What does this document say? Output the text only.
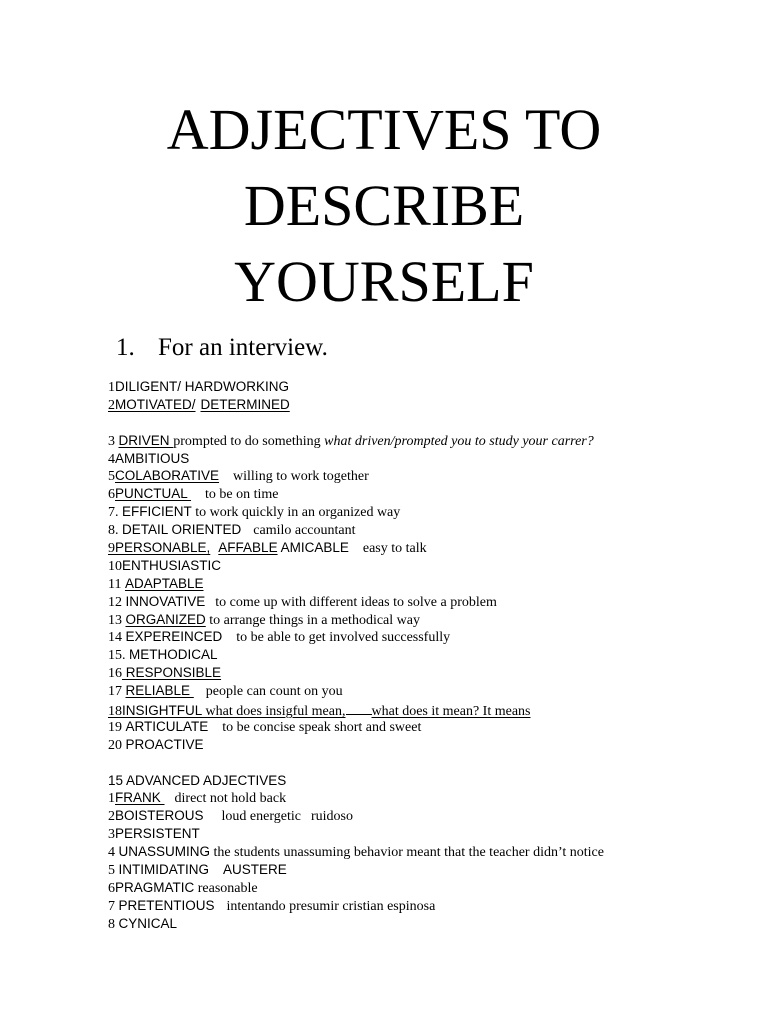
ADJECTIVES TO
DESCRIBE
YOURSELF
1. For an interview.
1DILIGENT/ HARDWORKING
2MOTIVATED/ DETERMINED
3 DRIVEN prompted to do something what driven/prompted you to study your carrer?
4AMBITIOUS
5COLABORATIVE willing to work together
6PUNCTUAL to be on time
7. EFFICIENT to work quickly in an organized way
8. DETAIL ORIENTED camilo accountant
9PERSONABLE, AFFABLE AMICABLE easy to talk
10ENTHUSIASTIC
11 ADAPTABLE
12 INNOVATIVE to come up with different ideas to solve a problem
13 ORGANIZED to arrange things in a methodical way
14 EXPEREINCED to be able to get involved successfully
15. METHODICAL
16 RESPONSIBLE
17 RELIABLE people can count on you
18INSIGHTFUL what does insigful mean, what does it mean? It means
19 ARTICULATE to be concise speak short and sweet
20 PROACTIVE
15 ADVANCED ADJECTIVES
1FRANK direct not hold back
2BOISTEROUS loud energetic ruidoso
3PERSISTENT
4 UNASSUMING the students unassuming behavior meant that the teacher didn’t notice
5 INTIMIDATING AUSTERE
6PRAGMATIC reasonable
7 PRETENTIOUS intentando presumir cristian espinosa
8 CYNICAL
